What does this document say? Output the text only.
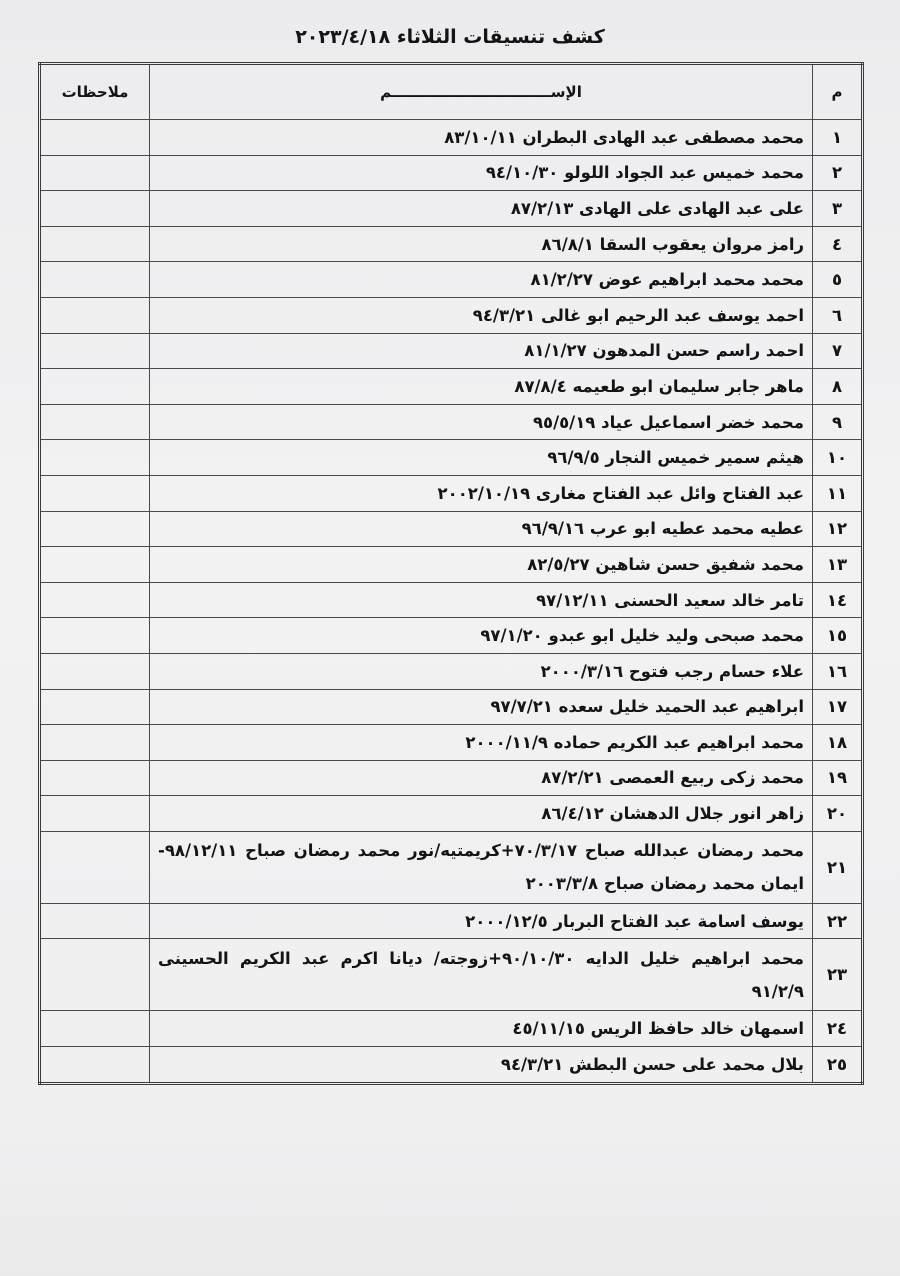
كشف تنسيقات الثلاثاء ٢٠٢٣/٤/١٨
م	الإســـــــــــــــــــــــــــــــم	ملاحظات
١	محمد مصطفى عبد الهادى البطران ٨٣/١٠/١١	
٢	محمد خميس عبد الجواد اللولو ٩٤/١٠/٣٠	
٣	على عبد الهادى على الهادى ٨٧/٢/١٣	
٤	رامز مروان يعقوب السقا ٨٦/٨/١	
٥	محمد محمد ابراهيم عوض ٨١/٢/٢٧	
٦	احمد يوسف عبد الرحيم ابو غالى ٩٤/٣/٢١	
٧	احمد راسم حسن المدهون ٨١/١/٢٧	
٨	ماهر جابر سليمان ابو طعيمه ٨٧/٨/٤	
٩	محمد خضر اسماعيل عياد ٩٥/٥/١٩	
١٠	هيثم سمير خميس النجار ٩٦/٩/٥	
١١	عبد الفتاح وائل عبد الفتاح مغارى ٢٠٠٢/١٠/١٩	
١٢	عطيه محمد عطيه ابو عرب ٩٦/٩/١٦	
١٣	محمد شفيق حسن شاهين ٨٢/٥/٢٧	
١٤	تامر خالد سعيد الحسنى ٩٧/١٢/١١	
١٥	محمد صبحى وليد خليل ابو عبدو ٩٧/١/٢٠	
١٦	علاء حسام رجب فتوح ٢٠٠٠/٣/١٦	
١٧	ابراهيم عبد الحميد خليل سعده ٩٧/٧/٢١	
١٨	محمد ابراهيم عبد الكريم حماده ٢٠٠٠/١١/٩	
١٩	محمد زكى ربيع العمصى ٨٧/٢/٢١	
٢٠	زاهر انور جلال الدهشان ٨٦/٤/١٢	
٢١	محمد رمضان عبدالله صباح ٧٠/٣/١٧+كريمتيه/نور محمد رمضان صباح ٩٨/١٢/١١- ايمان محمد رمضان صباح ٢٠٠٣/٣/٨	
٢٢	يوسف اسامة عبد الفتاح البربار ٢٠٠٠/١٢/٥	
٢٣	محمد ابراهيم خليل الدايه ٩٠/١٠/٣٠+زوجته/ ديانا اكرم عبد الكريم الحسينى ٩١/٢/٩	
٢٤	اسمهان خالد حافظ الريس ٤٥/١١/١٥	
٢٥	بلال محمد على حسن البطش ٩٤/٣/٢١	
